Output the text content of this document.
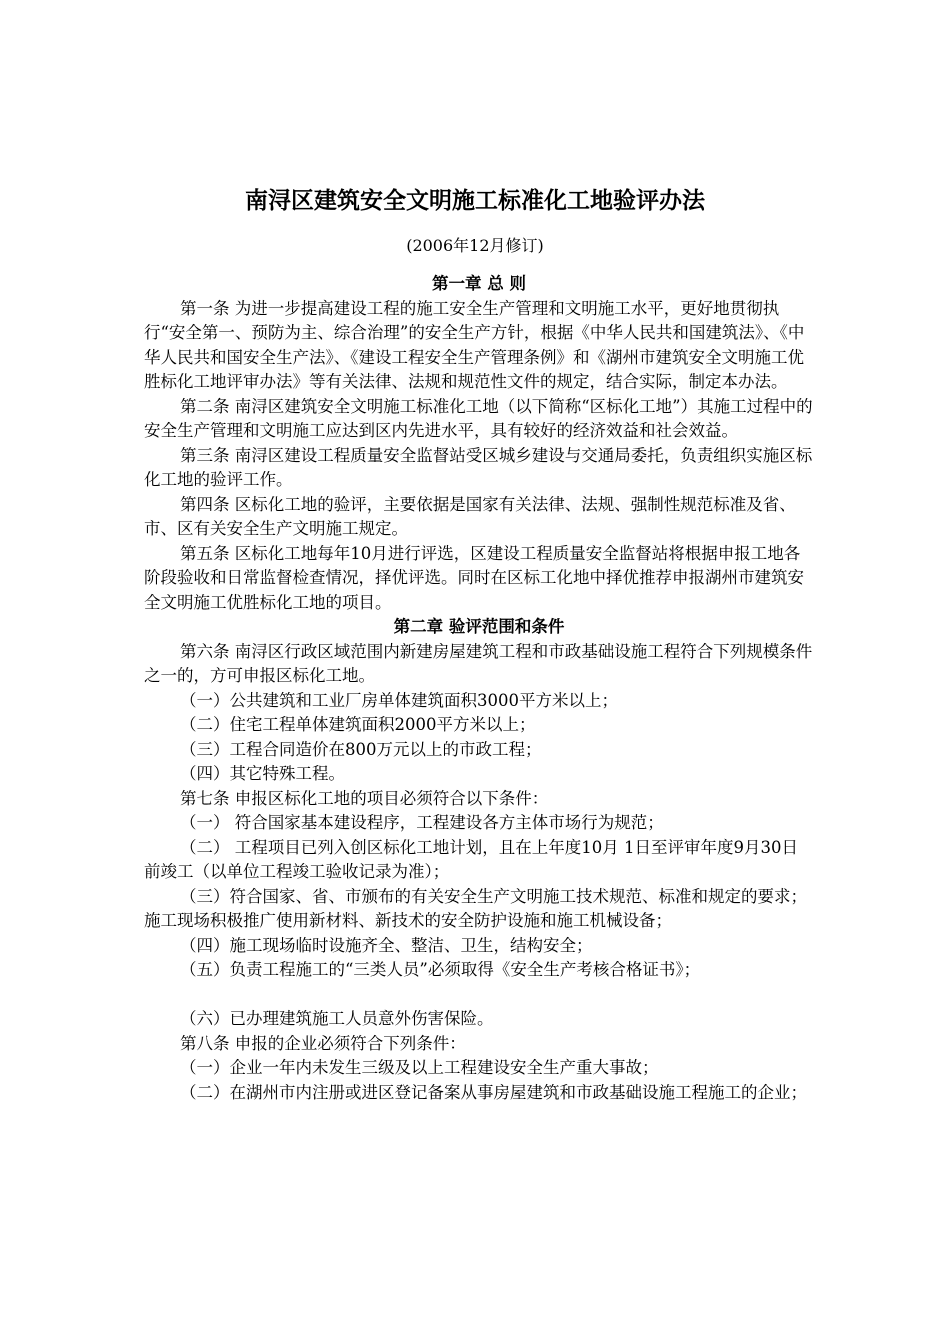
南浔区建筑安全文明施工标准化工地验评办法
(2006年12月修订)

第一章 总 则

第一条 为进一步提高建设工程的施工安全生产管理和文明施工水平，更好地贯彻执行“安全第一、预防为主、综合治理”的安全生产方针，根据《中华人民共和国建筑法》、《中华人民共和国安全生产法》、《建设工程安全生产管理条例》和《湖州市建筑安全文明施工优胜标化工地评审办法》等有关法律、法规和规范性文件的规定，结合实际，制定本办法。

第二条 南浔区建筑安全文明施工标准化工地（以下简称“区标化工地”）其施工过程中的安全生产管理和文明施工应达到区内先进水平，具有较好的经济效益和社会效益。

第三条 南浔区建设工程质量安全监督站受区城乡建设与交通局委托，负责组织实施区标化工地的验评工作。

第四条 区标化工地的验评，主要依据是国家有关法律、法规、强制性规范标准及省、市、区有关安全生产文明施工规定。

第五条 区标化工地每年10月进行评选，区建设工程质量安全监督站将根据申报工地各阶段验收和日常监督检查情况，择优评选。同时在区标工化地中择优推荐申报湖州市建筑安全文明施工优胜标化工地的项目。

第二章 验评范围和条件

第六条 南浔区行政区域范围内新建房屋建筑工程和市政基础设施工程符合下列规模条件之一的，方可申报区标化工地。

（一）公共建筑和工业厂房单体建筑面积3000平方米以上；

（二）住宅工程单体建筑面积2000平方米以上；

（三）工程合同造价在800万元以上的市政工程；

（四）其它特殊工程。

第七条 申报区标化工地的项目必须符合以下条件：

（一） 符合国家基本建设程序，工程建设各方主体市场行为规范；

（二） 工程项目已列入创区标化工地计划，且在上年度10月 1日至评审年度9月30日前竣工（以单位工程竣工验收记录为准）；

（三）符合国家、省、市颁布的有关安全生产文明施工技术规范、标准和规定的要求；施工现场积极推广使用新材料、新技术的安全防护设施和施工机械设备；

（四）施工现场临时设施齐全、整洁、卫生，结构安全；

（五）负责工程施工的“三类人员”必须取得《安全生产考核合格证书》；

（六）已办理建筑施工人员意外伤害保险。

第八条 申报的企业必须符合下列条件：

（一）企业一年内未发生三级及以上工程建设安全生产重大事故；

（二）在湖州市内注册或进区登记备案从事房屋建筑和市政基础设施工程施工的企业；
